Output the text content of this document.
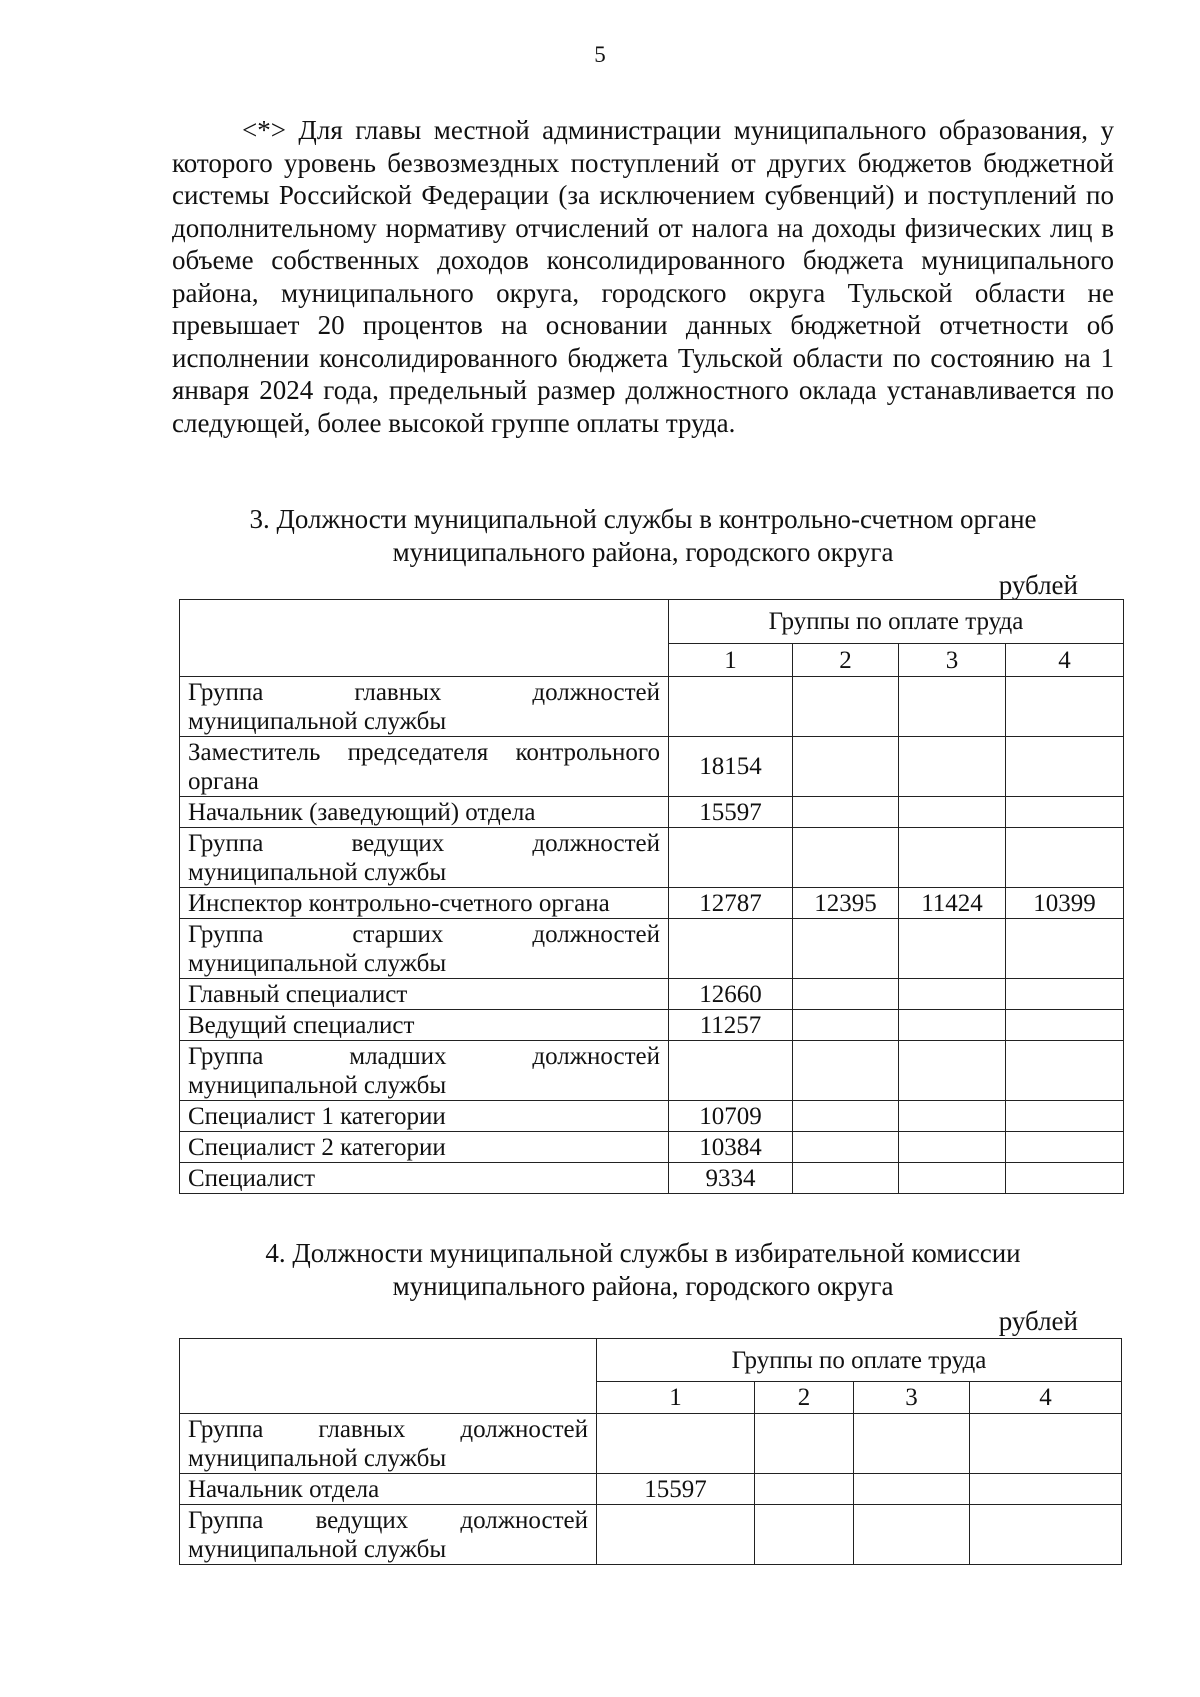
5

<*> Для главы местной администрации муниципального образования, у которого уровень безвозмездных поступлений от других бюджетов бюджетной системы Российской Федерации (за исключением субвенций) и поступлений по дополнительному нормативу отчислений от налога на доходы физических лиц в объеме собственных доходов консолидированного бюджета муниципального района, муниципального округа, городского округа Тульской области не превышает 20 процентов на основании данных бюджетной отчетности об исполнении консолидированного бюджета Тульской области по состоянию на 1 января 2024 года, предельный размер должностного оклада устанавливается по следующей, более высокой группе оплаты труда.

3. Должности муниципальной службы в контрольно-счетном органе

муниципального района, городского округа

рублей
	Группы по оплате труда			
	1	2	3	4

Группа главных должностей
муниципальной службы				

Заместитель председателя контрольного
органа	18154			
Начальник (заведующий) отдела	15597			

Группа ведущих должностей
муниципальной службы				

Инспектор контрольно-счетного органа	12787	12395	11424	10399

Группа старших должностей
муниципальной службы				

Главный специалист	12660			
Ведущий специалист	11257			

Группа младших должностей
муниципальной службы				

Специалист 1 категории	10709			
Специалист 2 категории	10384			
Специалист	9334			

4. Должности муниципальной службы в избирательной комиссии

муниципального района, городского округа

рублей
	Группы по оплате труда			
	1	2	3	4

Группа главных должностей
муниципальной службы				

Начальник отдела	15597			

Группа ведущих должностей
муниципальной службы				
